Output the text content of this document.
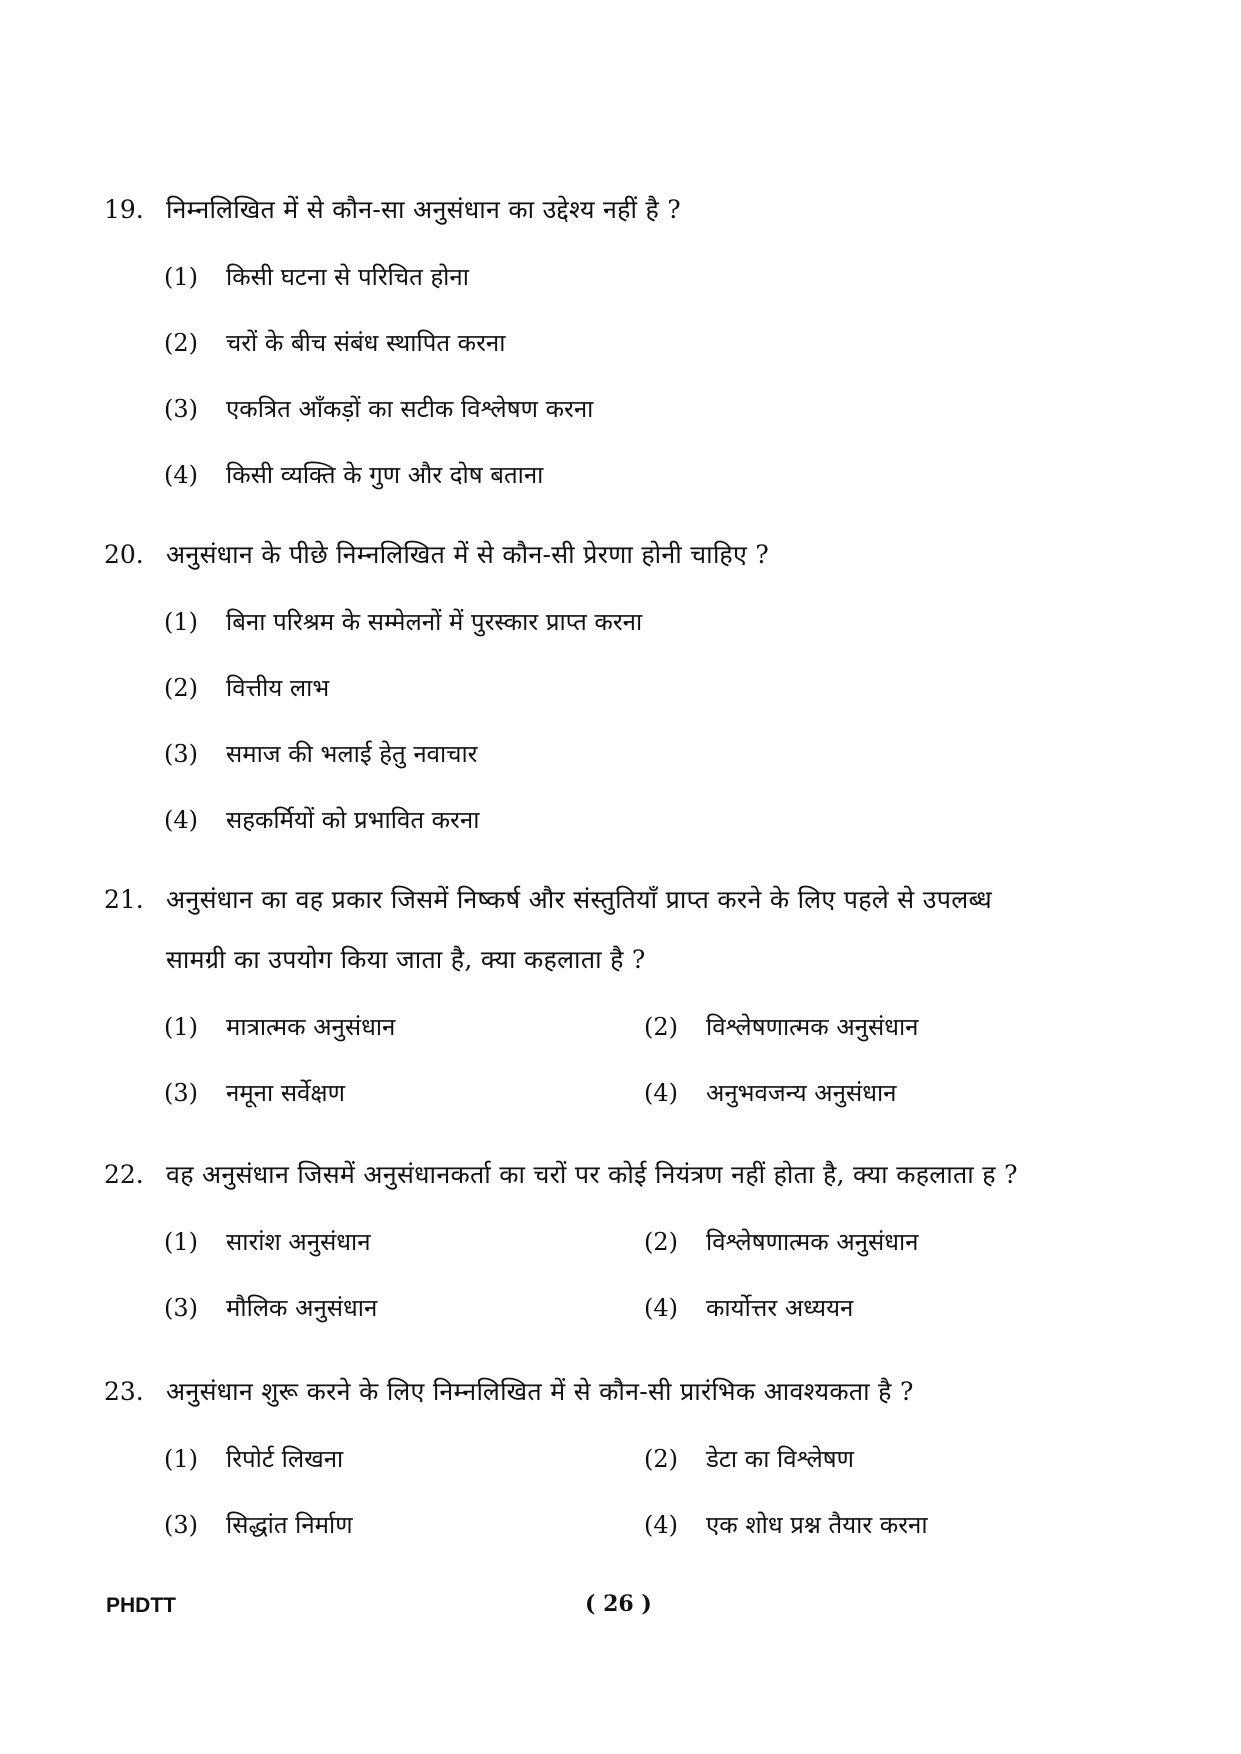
19. निम्नलिखित में से कौन-सा अनुसंधान का उद्देश्य नहीं है ?
(1)	किसी घटना से परिचित होना
(2)	चरों के बीच संबंध स्थापित करना
(3)	एकत्रित आँकड़ों का सटीक विश्लेषण करना
(4)	किसी व्यक्ति के गुण और दोष बताना
20. अनुसंधान के पीछे निम्नलिखित में से कौन-सी प्रेरणा होनी चाहिए ?
(1)	बिना परिश्रम के सम्मेलनों में पुरस्कार प्राप्त करना
(2)	वित्तीय लाभ
(3)	समाज की भलाई हेतु नवाचार
(4)	सहकर्मियों को प्रभावित करना
21. अनुसंधान का वह प्रकार जिसमें निष्कर्ष और संस्तुतियाँ प्राप्त करने के लिए पहले से उपलब्ध
सामग्री का उपयोग किया जाता है, क्या कहलाता है ?
(1)	मात्रात्मक अनुसंधान	(2)	विश्लेषणात्मक अनुसंधान
(3)	नमूना सर्वेक्षण	(4)	अनुभवजन्य अनुसंधान
22. वह अनुसंधान जिसमें अनुसंधानकर्ता का चरों पर कोई नियंत्रण नहीं होता है, क्या कहलाता ह ?
(1)	सारांश अनुसंधान	(2)	विश्लेषणात्मक अनुसंधान
(3)	मौलिक अनुसंधान	(4)	कार्योत्तर अध्ययन
23. अनुसंधान शुरू करने के लिए निम्नलिखित में से कौन-सी प्रारंभिक आवश्यकता है ?
(1)	रिपोर्ट लिखना	(2)	डेटा का विश्लेषण
(3)	सिद्धांत निर्माण	(4)	एक शोध प्रश्न तैयार करना
PHDTT	( 26 )
